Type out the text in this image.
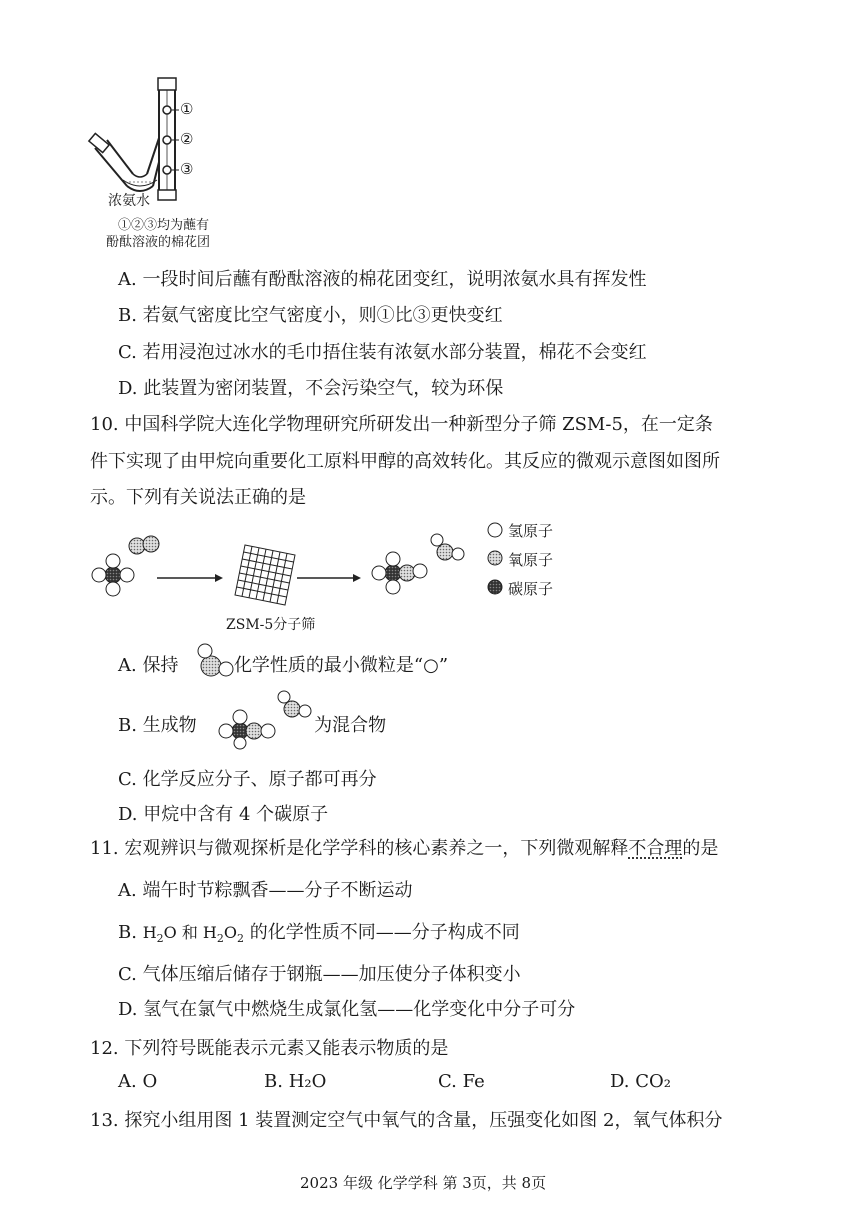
①
②
③
浓氨水
①②③均为蘸有
酚酞溶液的棉花团
A. 一段时间后蘸有酚酞溶液的棉花团变红，说明浓氨水具有挥发性
B. 若氨气密度比空气密度小，则①比③更快变红
C. 若用浸泡过冰水的毛巾捂住装有浓氨水部分装置，棉花不会变红
D. 此装置为密闭装置，不会污染空气，较为环保
10. 中国科学院大连化学物理研究所研发出一种新型分子筛 ZSM-5，在一定条
件下实现了由甲烷向重要化工原料甲醇的高效转化。其反应的微观示意图如图所
示。下列有关说法正确的是
ZSM-5分子筛
氢原子
氧原子
碳原子
A. 保持	化学性质的最小微粒是“○”
B. 生成物	为混合物
C. 化学反应分子、原子都可再分
D. 甲烷中含有 4 个碳原子
11. 宏观辨识与微观探析是化学学科的核心素养之一，下列微观解释不合理的是
A. 端午时节粽飘香——分子不断运动
B. $H_2O$ 和 $H_2O_2$ 的化学性质不同——分子构成不同
C. 气体压缩后储存于钢瓶——加压使分子体积变小
D. 氢气在氯气中燃烧生成氯化氢——化学变化中分子可分
12. 下列符号既能表示元素又能表示物质的是
A. O	B. H₂O	C. Fe	D. CO₂
13. 探究小组用图 1 装置测定空气中氧气的含量，压强变化如图 2，氧气体积分
2023 年级 化学学科 第 3页，共 8页
